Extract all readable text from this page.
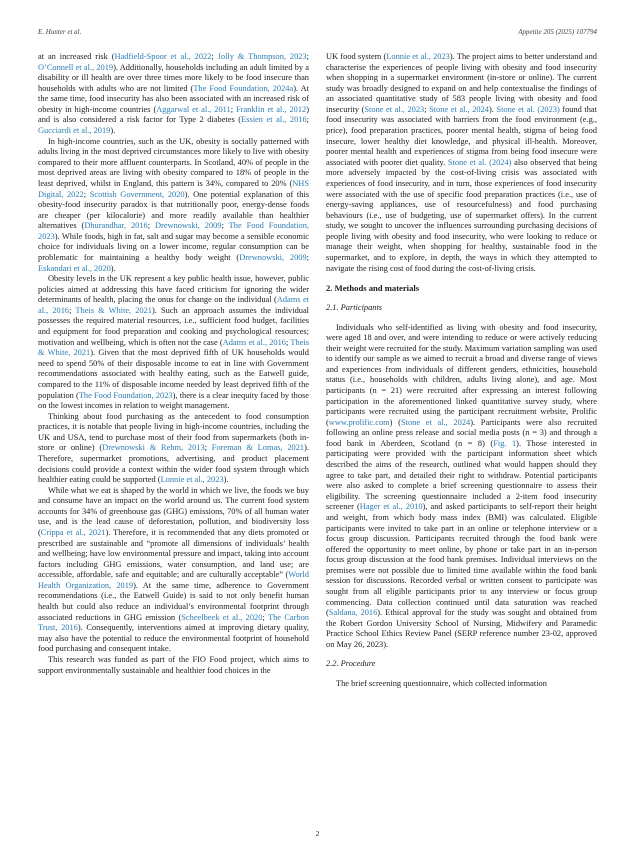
E. Hunter et al.	Appetite 205 (2025) 107794

at an increased risk (Hadfield-Spoor et al., 2022; Jolly & Thompson, 2023; O’Connell et al., 2019). Additionally, households including an adult limited by a disability or ill health are over three times more likely to be food insecure than households with adults who are not limited (The Food Foundation, 2024a). At the same time, food insecurity has also been associated with an increased risk of obesity in high-income countries (Aggarwal et al., 2011; Franklin et al., 2012) and is also considered a risk factor for Type 2 diabetes (Essien et al., 2016; Gucciardi et al., 2019).

In high-income countries, such as the UK, obesity is socially patterned with adults living in the most deprived circumstances more likely to live with obesity compared to their more affluent counterparts. In Scotland, 40% of people in the most deprived areas are living with obesity compared to 18% of people in the least deprived, whilst in England, this pattern is 34%, compared to 20% (NHS Digital, 2022; Scottish Government, 2020). One potential explanation of this obesity-food insecurity paradox is that nutritionally poor, energy-dense foods are cheaper (per kilocalorie) and more readily available than healthier alternatives (Dhurandhar, 2016; Drewnowski, 2009; The Food Foundation, 2023). While foods, high in fat, salt and sugar may become a sensible economic choice for individuals living on a lower income, regular consumption can be problematic for maintaining a healthy body weight (Drewnowski, 2009; Eskandari et al., 2020).

Obesity levels in the UK represent a key public health issue, however, public policies aimed at addressing this have faced criticism for ignoring the wider determinants of health, placing the onus for change on the individual (Adams et al., 2016; Theis & White, 2021). Such an approach assumes the individual possesses the required material resources, i.e., sufficient food budget, facilities and equipment for food preparation and cooking and psychological resources; motivation and wellbeing, which is often not the case (Adams et al., 2016; Theis & White, 2021). Given that the most deprived fifth of UK households would need to spend 50% of their disposable income to eat in line with Government recommendations associated with healthy eating, such as the Eatwell guide, compared to the 11% of disposable income needed by least deprived fifth of the population (The Food Foundation, 2023), there is a clear inequity faced by those on the lowest incomes in relation to weight management.

Thinking about food purchasing as the antecedent to food consumption practices, it is notable that people living in high-income countries, including the UK and USA, tend to purchase most of their food from supermarkets (both in-store or online) (Drewnowski & Rehm, 2013; Foreman & Lomas, 2021). Therefore, supermarket promotions, advertising, and product placement decisions could provide a context within the wider food system through which healthier eating could be supported (Lonnie et al., 2023).

While what we eat is shaped by the world in which we live, the foods we buy and consume have an impact on the world around us. The current food system accounts for 34% of greenhouse gas (GHG) emissions, 70% of all human water use, and is the lead cause of deforestation, pollution, and biodiversity loss (Crippa et al., 2021). Therefore, it is recommended that any diets promoted or prescribed are sustainable and “promote all dimensions of individuals’ health and wellbeing; have low environmental pressure and impact, taking into account factors including GHG emissions, water consumption, and land use; are accessible, affordable, safe and equitable; and are culturally acceptable” (World Health Organization, 2019). At the same time, adherence to Government recommendations (i.e., the Eatwell Guide) is said to not only benefit human health but could also reduce an individual’s environmental footprint through associated reductions in GHG emission (Scheelbeek et al., 2020; The Carbon Trust, 2016). Consequently, interventions aimed at improving dietary quality, may also have the potential to reduce the environmental footprint of household food purchasing and consequent intake.

This research was funded as part of the FIO Food project, which aims to support environmentally sustainable and healthier food choices in the

UK food system (Lonnie et al., 2023). The project aims to better understand and characterise the experiences of people living with obesity and food insecurity when shopping in a supermarket environment (in-store or online). The current study was broadly designed to expand on and help contextualise the findings of an associated quantitative study of 583 people living with obesity and food insecurity (Stone et al., 2023; Stone et al., 2024). Stone et al. (2023) found that food insecurity was associated with barriers from the food environment (e.g., price), food preparation practices, poorer mental health, stigma of being food insecure, lower healthy diet knowledge, and physical ill-health. Moreover, poorer mental health and experiences of stigma from being food insecure were associated with poorer diet quality. Stone et al. (2024) also observed that being more adversely impacted by the cost-of-living crisis was associated with experiences of food insecurity, and in turn, those experiences of food insecurity were associated with the use of specific food preparation practices (i.e., use of energy-saving appliances, use of resourcefulness) and food purchasing behaviours (i.e., use of budgeting, use of supermarket offers). In the current study, we sought to uncover the influences surrounding purchasing decisions of people living with obesity and food insecurity, who were looking to reduce or manage their weight, when shopping for healthy, sustainable food in the supermarket, and to explore, in depth, the ways in which they attempted to navigate the rising cost of food during the cost-of-living crisis.

2. Methods and materials
2.1. Participants

Individuals who self-identified as living with obesity and food insecurity, were aged 18 and over, and were intending to reduce or were actively reducing their weight were recruited for the study. Maximum variation sampling was used to identify our sample as we aimed to recruit a broad and diverse range of views and experiences from individuals of different genders, ethnicities, household status (i.e., households with children, adults living alone), and age. Most participants (n = 21) were recruited after expressing an interest following participation in the aforementioned linked quantitative survey study, where participants were recruited using the participant recruitment website, Prolific (www.prolific.com) (Stone et al., 2024). Participants were also recruited following an online press release and social media posts (n = 3) and through a food bank in Aberdeen, Scotland (n = 8) (Fig. 1). Those interested in participating were provided with the participant information sheet which described the aims of the research, outlined what would happen should they agree to take part, and detailed their right to withdraw. Potential participants were also asked to complete a brief screening questionnaire to assess their eligibility. The screening questionnaire included a 2-item food insecurity screener (Hager et al., 2010), and asked participants to self-report their height and weight, from which body mass index (BMI) was calculated. Eligible participants were invited to take part in an online or telephone interview or a focus group discussion. Participants recruited through the food bank were offered the opportunity to meet online, by phone or take part in an in-person focus group discussion at the food bank premises. Individual interviews on the premises were not possible due to limited time available within the food bank session for discussions. Recorded verbal or written consent to participate was sought from all eligible participants prior to any interview or focus group commencing. Data collection continued until data saturation was reached (Saldana, 2016). Ethical approval for the study was sought and obtained from the Robert Gordon University School of Nursing, Midwifery and Paramedic Practice School Ethics Review Panel (SERP reference number 23-02, approved on May 26, 2023).

2.2. Procedure

The brief screening questionnaire, which collected information

2
